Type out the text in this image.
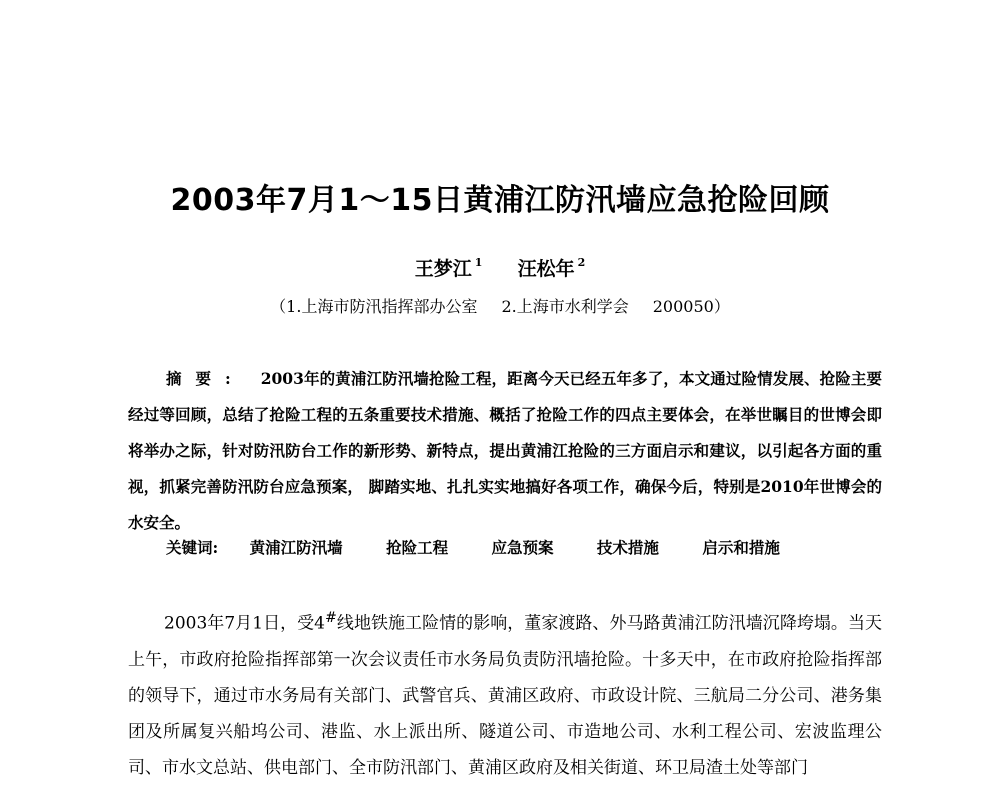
2003年7月1～15日黄浦江防汛墙应急抢险回顾
王梦江 $^1$ 汪松年 $^2$
（1.上海市防汛指挥部办公室 2.上海市水利学会 200050）
摘要: 2003年的黄浦江防汛墙抢险工程，距离今天已经五年多了，本文通过险情发展、抢险主要经过等回顾，总结了抢险工程的五条重要技术措施、概括了抢险工作的四点主要体会，在举世瞩目的世博会即将举办之际，针对防汛防台工作的新形势、新特点，提出黄浦江抢险的三方面启示和建议，以引起各方面的重视，抓紧完善防汛防台应急预案， 脚踏实地、扎扎实实地搞好各项工作，确保今后，特别是2010年世博会的水安全。
关键词: 黄浦江防汛墙	抢险工程	应急预案	技术措施	启示和措施
2003年7月1日，受4#线地铁施工险情的影响，董家渡路、外马路黄浦江防汛墙沉降垮塌。当天上午，市政府抢险指挥部第一次会议责任市水务局负责防汛墙抢险。十多天中，在市政府抢险指挥部的领导下，通过市水务局有关部门、武警官兵、黄浦区政府、市政设计院、三航局二分公司、港务集团及所属复兴船坞公司、港监、水上派出所、隧道公司、市造地公司、水利工程公司、宏波监理公司、市水文总站、供电部门、全市防汛部门、黄浦区政府及相关街道、环卫局渣土处等部门
